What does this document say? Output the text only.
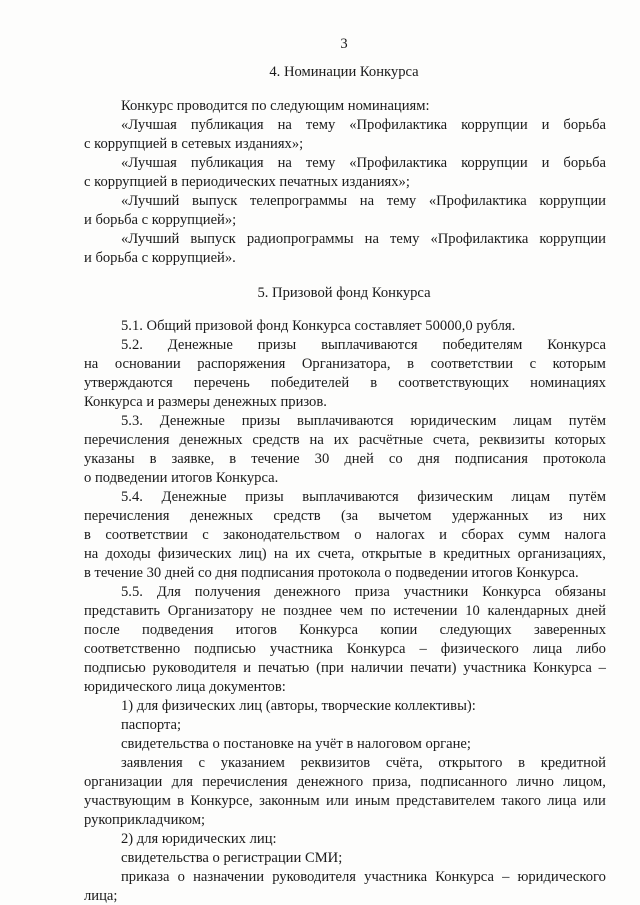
3
4. Номинации Конкурса
Конкурс проводится по следующим номинациям:
«Лучшая публикация на тему «Профилактика коррупции и борьба
с коррупцией в сетевых изданиях»;
«Лучшая публикация на тему «Профилактика коррупции и борьба
с коррупцией в периодических печатных изданиях»;
«Лучший выпуск телепрограммы на тему «Профилактика коррупции
и борьба с коррупцией»;
«Лучший выпуск радиопрограммы на тему «Профилактика коррупции
и борьба с коррупцией».
5. Призовой фонд Конкурса
5.1. Общий призовой фонд Конкурса составляет 50000,0 рубля.
5.2. Денежные призы выплачиваются победителям Конкурса
на основании распоряжения Организатора, в соответствии с которым
утверждаются перечень победителей в соответствующих номинациях
Конкурса и размеры денежных призов.
5.3. Денежные призы выплачиваются юридическим лицам путём
перечисления денежных средств на их расчётные счета, реквизиты которых
указаны в заявке, в течение 30 дней со дня подписания протокола
о подведении итогов Конкурса.
5.4. Денежные призы выплачиваются физическим лицам путём
перечисления денежных средств (за вычетом удержанных из них
в соответствии с законодательством о налогах и сборах сумм налога
на доходы физических лиц) на их счета, открытые в кредитных организациях,
в течение 30 дней со дня подписания протокола о подведении итогов Конкурса.
5.5. Для получения денежного приза участники Конкурса обязаны
представить Организатору не позднее чем по истечении 10 календарных дней
после подведения итогов Конкурса копии следующих заверенных
соответственно подписью участника Конкурса – физического лица либо
подписью руководителя и печатью (при наличии печати) участника Конкурса –
юридического лица документов:
1) для физических лиц (авторы, творческие коллективы):
паспорта;
свидетельства о постановке на учёт в налоговом органе;
заявления с указанием реквизитов счёта, открытого в кредитной
организации для перечисления денежного приза, подписанного лично лицом,
участвующим в Конкурсе, законным или иным представителем такого лица или
рукоприкладчиком;
2) для юридических лиц:
свидетельства о регистрации СМИ;
приказа о назначении руководителя участника Конкурса – юридического
лица;
